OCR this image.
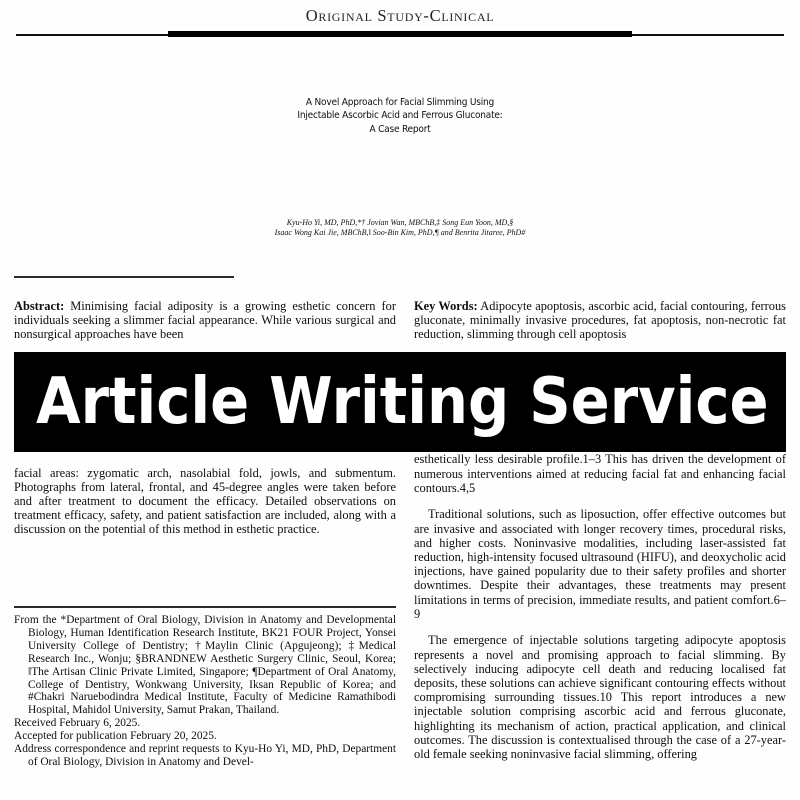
Original Study-Clinical
A Novel Approach for Facial Slimming Using
Injectable Ascorbic Acid and Ferrous Gluconate:
A Case Report
Kyu-Ho Yi, MD, PhD,*† Jovian Wan, MBChB,‡ Song Eun Yoon, MD,§
Isaac Wong Kai Jie, MBChB,‖ Soo-Bin Kim, PhD,¶ and Benrita Jitaree, PhD#

Abstract: Minimising facial adiposity is a growing esthetic concern for individuals seeking a slimmer facial appearance. While various surgical and nonsurgical approaches have been

facial areas: zygomatic arch, nasolabial fold, jowls, and submentum. Photographs from lateral, frontal, and 45-degree angles were taken before and after treatment to document the efficacy. Detailed observations on treatment efficacy, safety, and patient satisfaction are included, along with a discussion on the potential of this method in esthetic practice.

Key Words: Adipocyte apoptosis, ascorbic acid, facial contouring, ferrous gluconate, minimally invasive procedures, fat apoptosis, non-necrotic fat reduction, slimming through cell apoptosis

esthetically less desirable profile.1–3 This has driven the development of numerous interventions aimed at reducing facial fat and enhancing facial contours.4,5

Traditional solutions, such as liposuction, offer effective outcomes but are invasive and associated with longer recovery times, procedural risks, and higher costs. Noninvasive modalities, including laser-assisted fat reduction, high-intensity focused ultrasound (HIFU), and deoxycholic acid injections, have gained popularity due to their safety profiles and shorter downtimes. Despite their advantages, these treatments may present limitations in terms of precision, immediate results, and patient comfort.6–9

The emergence of injectable solutions targeting adipocyte apoptosis represents a novel and promising approach to facial slimming. By selectively inducing adipocyte cell death and reducing localised fat deposits, these solutions can achieve significant contouring effects without compromising surrounding tissues.10 This report introduces a new injectable solution comprising ascorbic acid and ferrous gluconate, highlighting its mechanism of action, practical application, and clinical outcomes. The discussion is contextualised through the case of a 27-year-old female seeking noninvasive facial slimming, offering

From the *Department of Oral Biology, Division in Anatomy and Developmental Biology, Human Identification Research Institute, BK21 FOUR Project, Yonsei University College of Dentistry; †Maylin Clinic (Apgujeong); ‡Medical Research Inc., Wonju; §BRANDNEW Aesthetic Surgery Clinic, Seoul, Korea; ‖The Artisan Clinic Private Limited, Singapore; ¶Department of Oral Anatomy, College of Dentistry, Wonkwang University, Iksan Republic of Korea; and #Chakri Naruebodindra Medical Institute, Faculty of Medicine Ramathibodi Hospital, Mahidol University, Samut Prakan, Thailand.

Received February 6, 2025.

Accepted for publication February 20, 2025.

Address correspondence and reprint requests to Kyu-Ho Yi, MD, PhD, Department of Oral Biology, Division in Anatomy and Devel-

Article Writing Service
